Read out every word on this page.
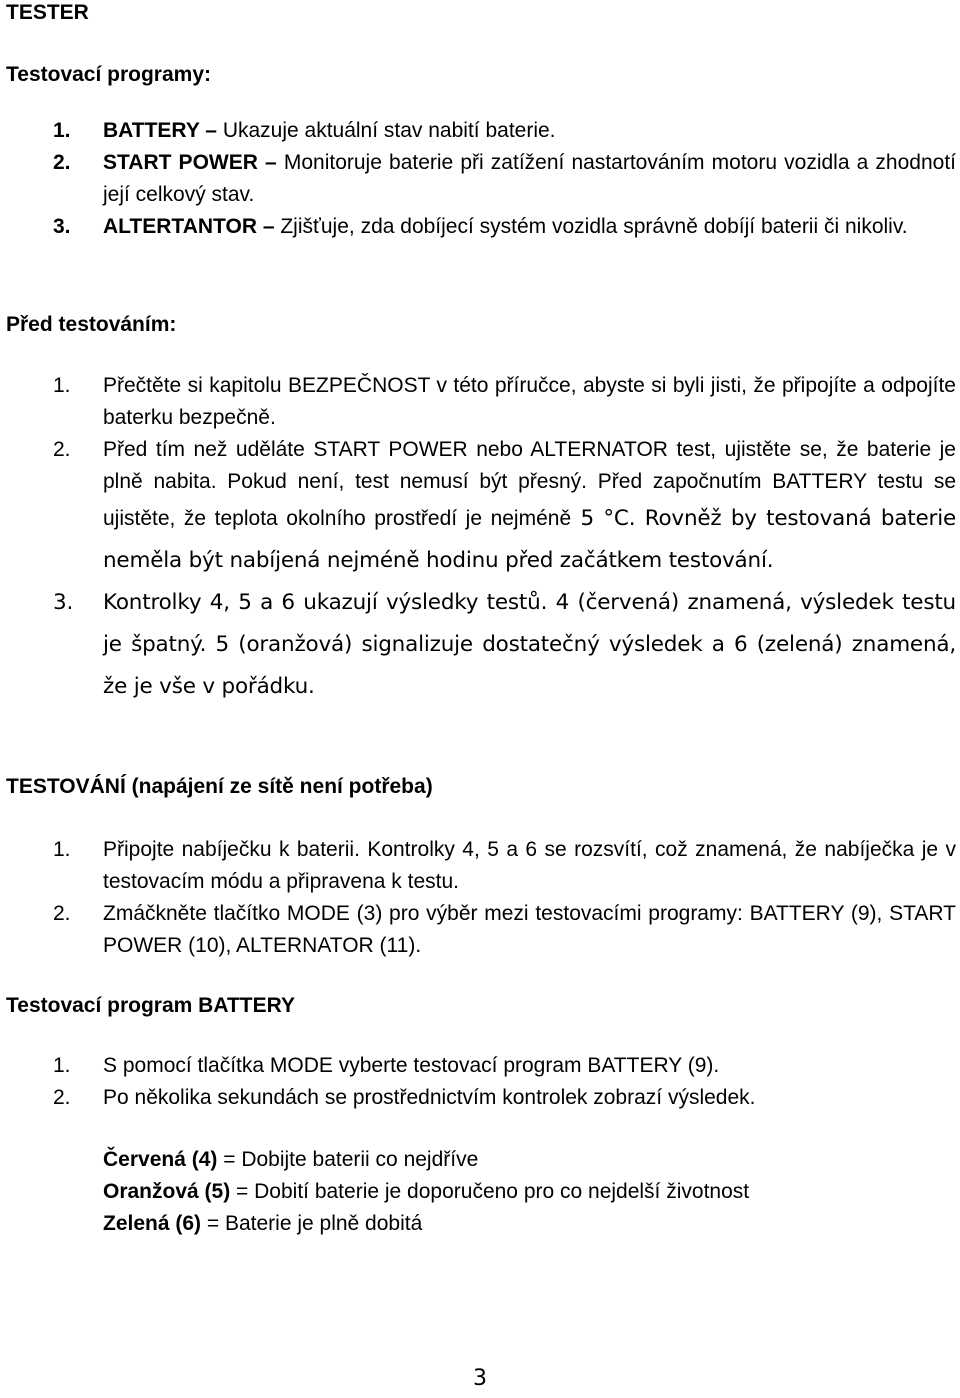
TESTER
Testovací programy:
1. BATTERY – Ukazuje aktuální stav nabití baterie.
2. START POWER – Monitoruje baterie při zatížení nastartováním motoru vozidla a zhodnotí její celkový stav.
3. ALTERTANTOR – Zjišťuje, zda dobíjecí systém vozidla správně dobíjí baterii či nikoliv.
Před testováním:
1. Přečtěte si kapitolu BEZPEČNOST v této příručce, abyste si byli jisti, že připojíte a odpojíte baterku bezpečně.
2. Před tím než uděláte START POWER nebo ALTERNATOR test, ujistěte se, že baterie je plně nabita. Pokud není, test nemusí být přesný. Před započnutím BATTERY testu se ujistěte, že teplota okolního prostředí je nejméně 5 °C. Rovněž by testovaná baterie neměla být nabíjená nejméně hodinu před začátkem testování.
3. Kontrolky 4, 5 a 6 ukazují výsledky testů. 4 (červená) znamená, výsledek testu je špatný. 5 (oranžová) signalizuje dostatečný výsledek a 6 (zelená) znamená, že je vše v pořádku.
TESTOVÁNÍ (napájení ze sítě není potřeba)
1. Připojte nabíječku k baterii. Kontrolky 4, 5 a 6 se rozsvítí, což znamená, že nabíječka je v testovacím módu a připravena k testu.
2. Zmáčkněte tlačítko MODE (3) pro výběr mezi testovacími programy: BATTERY (9), START POWER (10), ALTERNATOR (11).
Testovací program BATTERY
1. S pomocí tlačítka MODE vyberte testovací program BATTERY (9).
2. Po několika sekundách se prostřednictvím kontrolek zobrazí výsledek.
Červená (4) = Dobijte baterii co nejdříve
Oranžová (5) = Dobití baterie je doporučeno pro co nejdelší životnost
Zelená (6) = Baterie je plně dobitá
3
